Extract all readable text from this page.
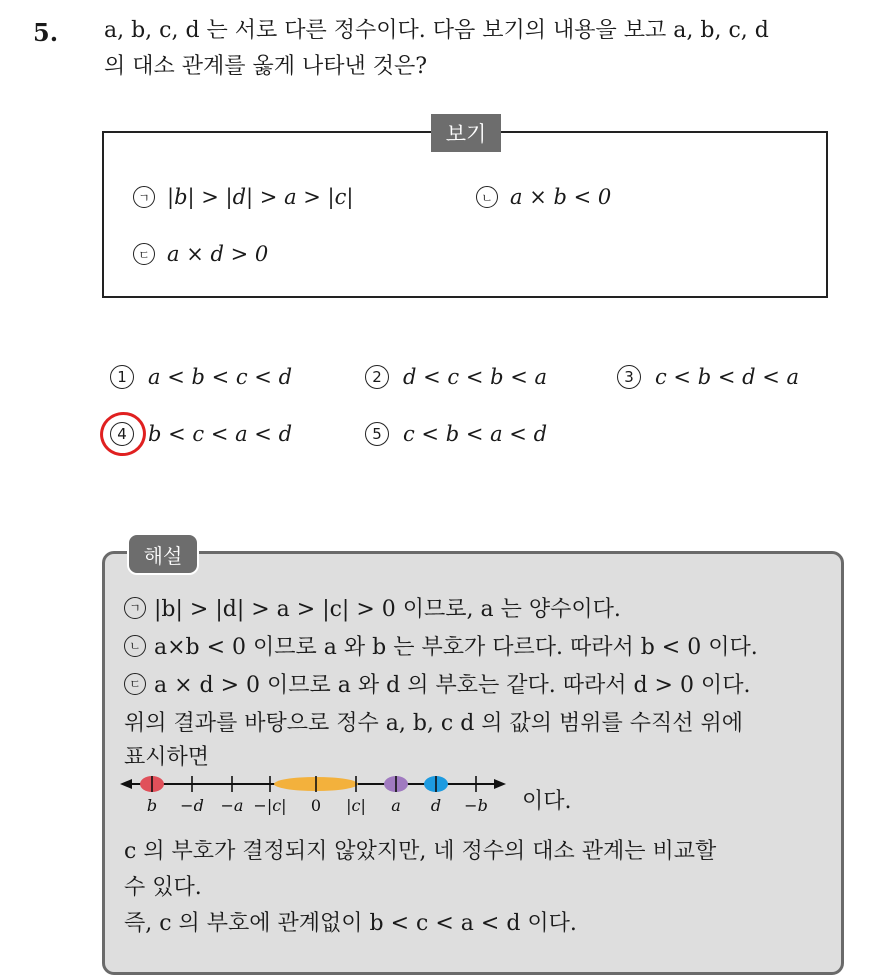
5. a, b, c, d 는 서로 다른 정수이다. 다음 보기의 내용을 보고 a, b, c, d
의 대소 관계를 옳게 나타낸 것은?
보기
ㄱ |b| > |d| > a > |c|	ㄴ a × b < 0
ㄷ a × d > 0
1	a < b < c < d	2	d < c < b < a	3	c < b < d < a
4	b < c < a < d	5	c < b < a < d
해설
ㄱ |b| > |d| > a > |c| > 0 이므로, a 는 양수이다.
ㄴ a×b < 0 이므로 a 와 b 는 부호가 다르다. 따라서 b < 0 이다.
ㄷ a × d > 0 이므로 a 와 d 의 부호는 같다. 따라서 d > 0 이다.
위의 결과를 바탕으로 정수 a, b, c d 의 값의 범위를 수직선 위에
표시하면
b −d −a −|c| 0 |c| a d −b 이다.
c 의 부호가 결정되지 않았지만, 네 정수의 대소 관계는 비교할
수 있다.
즉, c 의 부호에 관계없이 b < c < a < d 이다.
